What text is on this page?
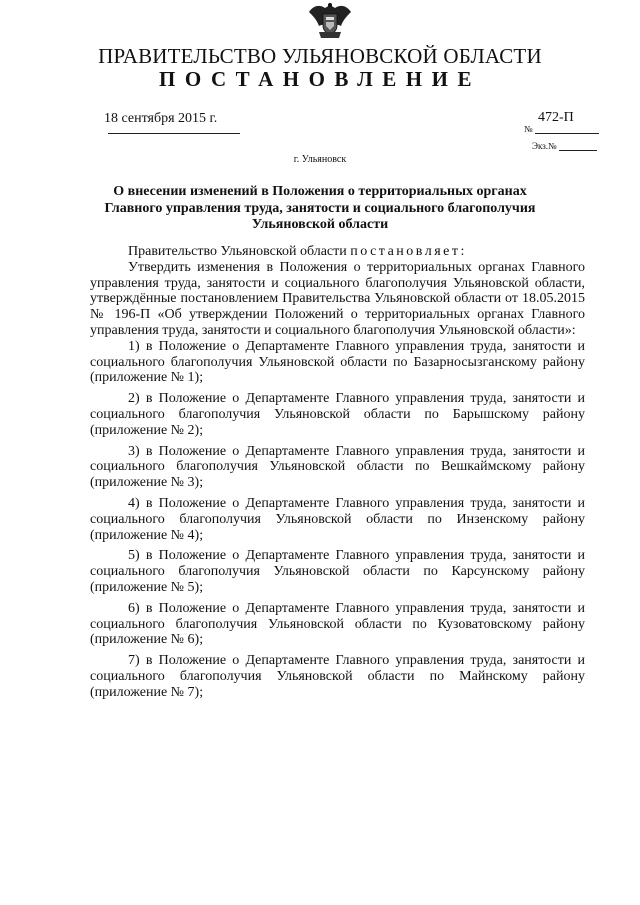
ПРАВИТЕЛЬСТВО УЛЬЯНОВСКОЙ ОБЛАСТИ
ПОСТАНОВЛЕНИЕ
18 сентября 2015 г.	472-П
№
Экз.№
г. Ульяновск
О внесении изменений в Положения о территориальных органах Главного управления труда, занятости и социального благополучия Ульяновской области

Правительство Ульяновской области постановляет:

Утвердить изменения в Положения о территориальных органах Главного управления труда, занятости и социального благополучия Ульяновской области, утверждённые постановлением Правительства Ульяновской области от 18.05.2015 № 196-П «Об утверждении Положений о территориальных органах Главного управления труда, занятости и социального благополучия Ульяновской области»:

1) в Положение о Департаменте Главного управления труда, занятости и социального благополучия Ульяновской области по Базарносызганскому району (приложение № 1);

2) в Положение о Департаменте Главного управления труда, занятости и социального благополучия Ульяновской области по Барышскому району (приложение № 2);

3) в Положение о Департаменте Главного управления труда, занятости и социального благополучия Ульяновской области по Вешкаймскому району (приложение № 3);

4) в Положение о Департаменте Главного управления труда, занятости и социального благополучия Ульяновской области по Инзенскому району (приложение № 4);

5) в Положение о Департаменте Главного управления труда, занятости и социального благополучия Ульяновской области по Карсунскому району (приложение № 5);

6) в Положение о Департаменте Главного управления труда, занятости и социального благополучия Ульяновской области по Кузоватовскому району (приложение № 6);

7) в Положение о Департаменте Главного управления труда, занятости и социального благополучия Ульяновской области по Майнскому району (приложение № 7);
